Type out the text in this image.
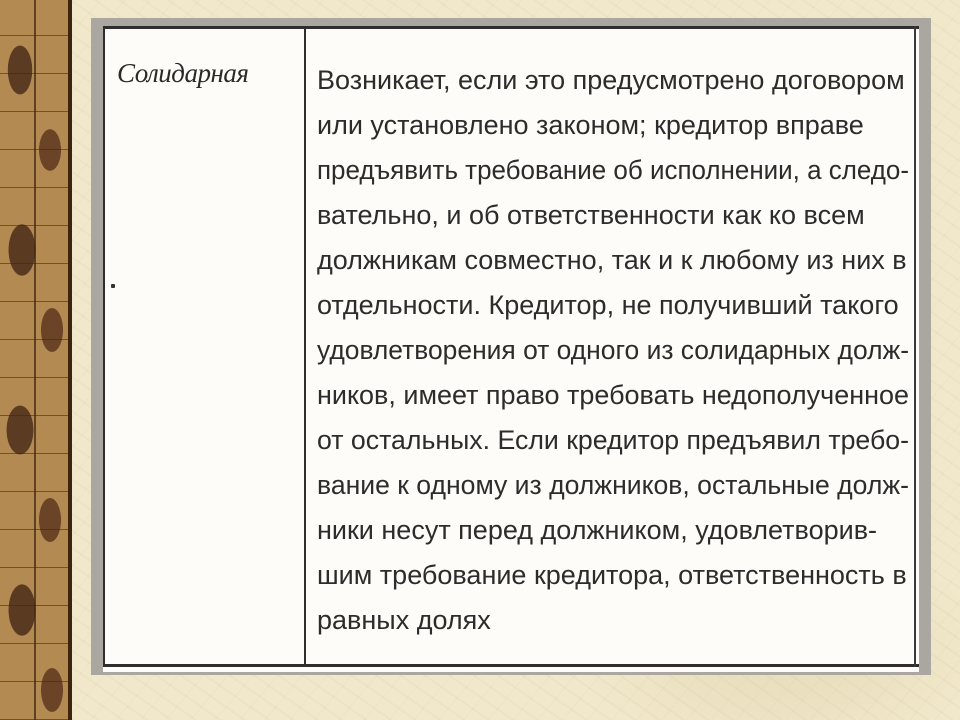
Солидарная	Возникает, если это предусмотрено договором
или установлено законом; кредитор вправе
предъявить требование об исполнении, а следо-
вательно, и об ответственности как ко всем
должникам совместно, так и к любому из них в
отдельности. Кредитор, не получивший такого
удовлетворения от одного из солидарных долж-
ников, имеет право требовать недополученное
от остальных. Если кредитор предъявил требо-
вание к одному из должников, остальные долж-
ники несут перед должником, удовлетворив-
шим требование кредитора, ответственность в
равных долях
